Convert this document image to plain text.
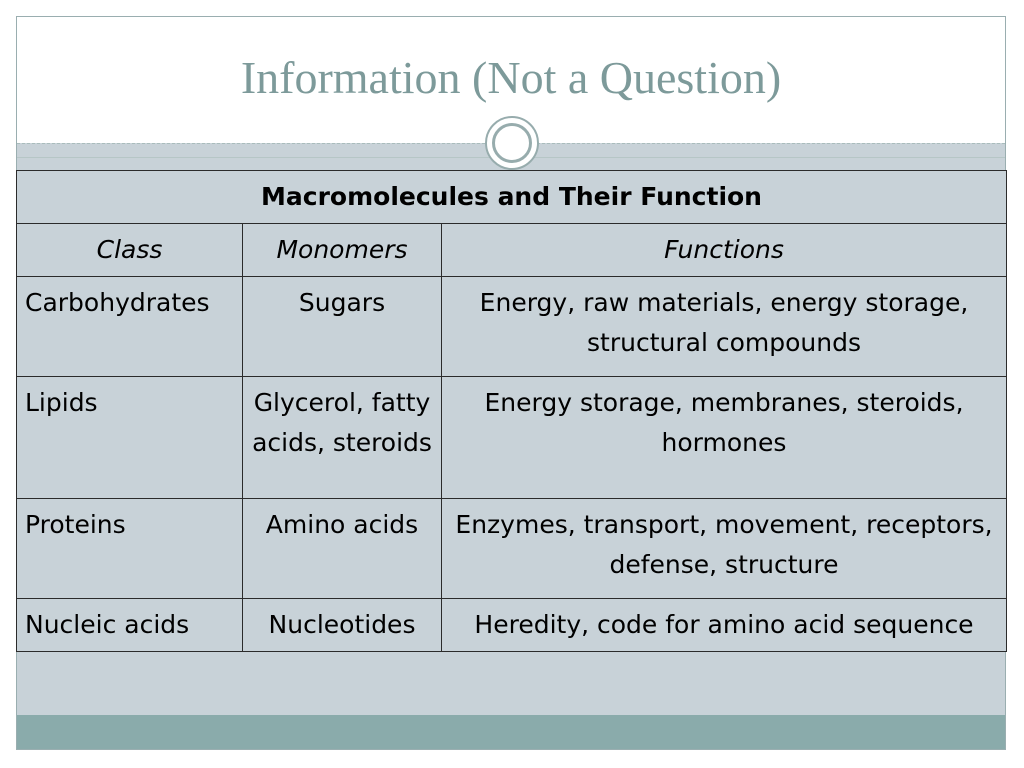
Information (Not a Question)
Macromolecules and Their Function		
Class	Monomers	Functions
Carbohydrates	Sugars	Energy, raw materials, energy storage, structural compounds
Lipids	Glycerol, fatty acids, steroids	Energy storage, membranes, steroids, hormones
Proteins	Amino acids	Enzymes, transport, movement, receptors, defense, structure
Nucleic acids	Nucleotides	Heredity, code for amino acid sequence
